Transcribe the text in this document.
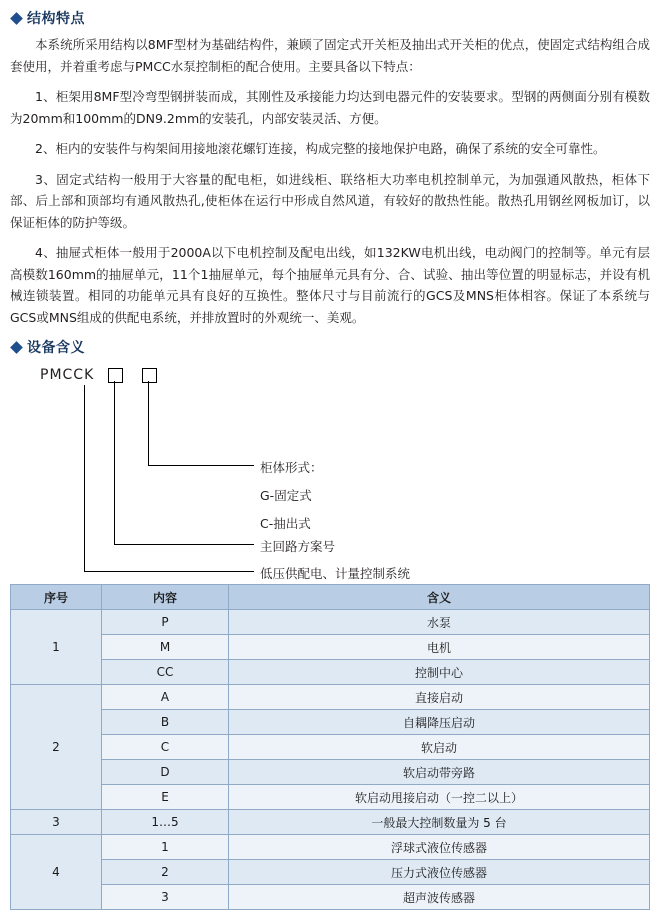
结构特点

本系统所采用结构以8MF型材为基础结构件，兼顾了固定式开关柜及抽出式开关柜的优点，使固定式结构组合成套使用，并着重考虑与PMCC水泵控制柜的配合使用。主要具备以下特点：

1、柜架用8MF型冷弯型钢拼装而成，其刚性及承接能力均达到电器元件的安装要求。型钢的两侧面分别有模数为20mm和100mm的DN9.2mm的安装孔，内部安装灵活、方便。

2、柜内的安装件与构架间用接地滚花螺钉连接，构成完整的接地保护电路，确保了系统的安全可靠性。

3、固定式结构一般用于大容量的配电柜，如进线柜、联络柜大功率电机控制单元，为加强通风散热，柜体下部、后上部和顶部均有通风散热孔,使柜体在运行中形成自然风道，有较好的散热性能。散热孔用钢丝网板加订，以保证柜体的防护等级。

4、抽屉式柜体一般用于2000A以下电机控制及配电出线，如132KW电机出线，电动阀门的控制等。单元有层高模数160mm的抽屉单元，11个1抽屉单元，每个抽屉单元具有分、合、试验、抽出等位置的明显标志，并设有机械连锁装置。相同的功能单元具有良好的互换性。整体尺寸与目前流行的GCS及MNS柜体相容。保证了本系统与GCS或MNS组成的供配电系统，并排放置时的外观统一、美观。

设备含义
PMCCK
柜体形式：
G-固定式
C-抽出式
主回路方案号
低压供配电、计量控制系统
序号	内容	含义
1	P	水泵
	M	电机
	CC	控制中心
2	A	直接启动
	B	自耦降压启动
	C	软启动
	D	软启动带旁路
	E	软启动甩接启动（一控二以上）
3	1…5	一般最大控制数量为 5 台
4	1	浮球式液位传感器
	2	压力式液位传感器
	3	超声波传感器
